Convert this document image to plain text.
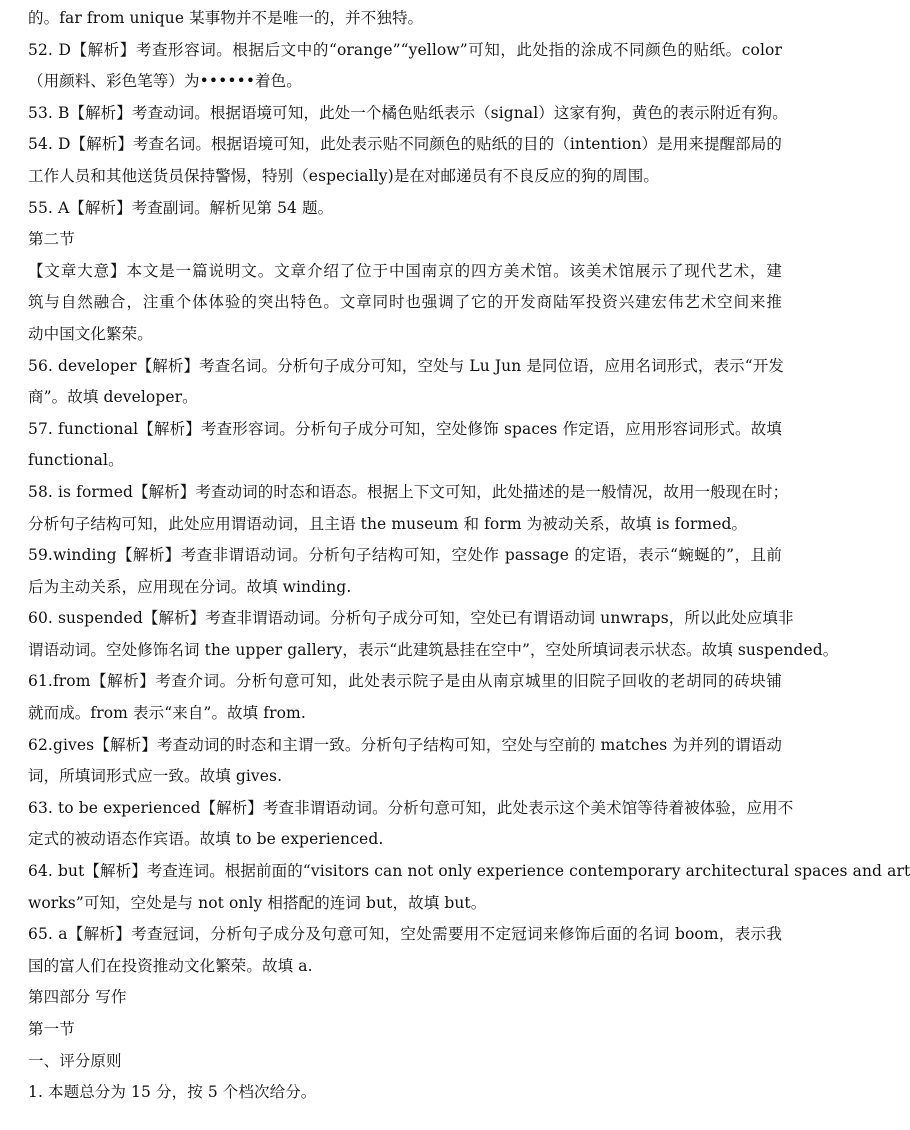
的。far from unique 某事物并不是唯一的，并不独特。
52. D【解析】考查形容词。根据后文中的“orange”“yellow”可知，此处指的涂成不同颜色的贴纸。color
（用颜料、彩色笔等）为••••••着色。
53. B【解析】考查动词。根据语境可知，此处一个橘色贴纸表示（signal）这家有狗，黄色的表示附近有狗。
54. D【解析】考查名词。根据语境可知，此处表示贴不同颜色的贴纸的目的（intention）是用来提醒部局的
工作人员和其他送货员保持警惕，特别（especially)是在对邮递员有不良反应的狗的周围。
55. A【解析】考查副词。解析见第 54 题。
第二节
【文章大意】本文是一篇说明文。文章介绍了位于中国南京的四方美术馆。该美术馆展示了现代艺术，建
筑与自然融合，注重个体体验的突出特色。文章同时也强调了它的开发商陆军投资兴建宏伟艺术空间来推
动中国文化繁荣。
56. developer【解析】考查名词。分析句子成分可知，空处与 Lu Jun 是同位语，应用名词形式，表示“开发
商”。故填 developer。
57. functional【解析】考查形容词。分析句子成分可知，空处修饰 spaces 作定语，应用形容词形式。故填
functional。
58. is formed【解析】考查动词的时态和语态。根据上下文可知，此处描述的是一般情况，故用一般现在时；
分析句子结构可知，此处应用谓语动词，且主语 the museum 和 form 为被动关系，故填 is formed。
59.winding【解析】考查非谓语动词。分析句子结构可知，空处作 passage 的定语，表示“蜿蜒的”，且前
后为主动关系，应用现在分词。故填 winding.
60. suspended【解析】考查非谓语动词。分析句子成分可知，空处已有谓语动词 unwraps，所以此处应填非
谓语动词。空处修饰名词 the upper gallery，表示“此建筑悬挂在空中”，空处所填词表示状态。故填 suspended。
61.from【解析】考查介词。分析句意可知，此处表示院子是由从南京城里的旧院子回收的老胡同的砖块铺
就而成。from 表示“来自”。故填 from.
62.gives【解析】考查动词的时态和主谓一致。分析句子结构可知，空处与空前的 matches 为并列的谓语动
词，所填词形式应一致。故填 gives.
63. to be experienced【解析】考查非谓语动词。分析句意可知，此处表示这个美术馆等待着被体验，应用不
定式的被动语态作宾语。故填 to be experienced.
64. but【解析】考查连词。根据前面的“visitors can not only experience contemporary architectural spaces and art
works”可知，空处是与 not only 相搭配的连词 but，故填 but。
65. a【解析】考查冠词，分析句子成分及句意可知，空处需要用不定冠词来修饰后面的名词 boom，表示我
国的富人们在投资推动文化繁荣。故填 a.
第四部分 写作
第一节
一、评分原则
1. 本题总分为 15 分，按 5 个档次给分。
